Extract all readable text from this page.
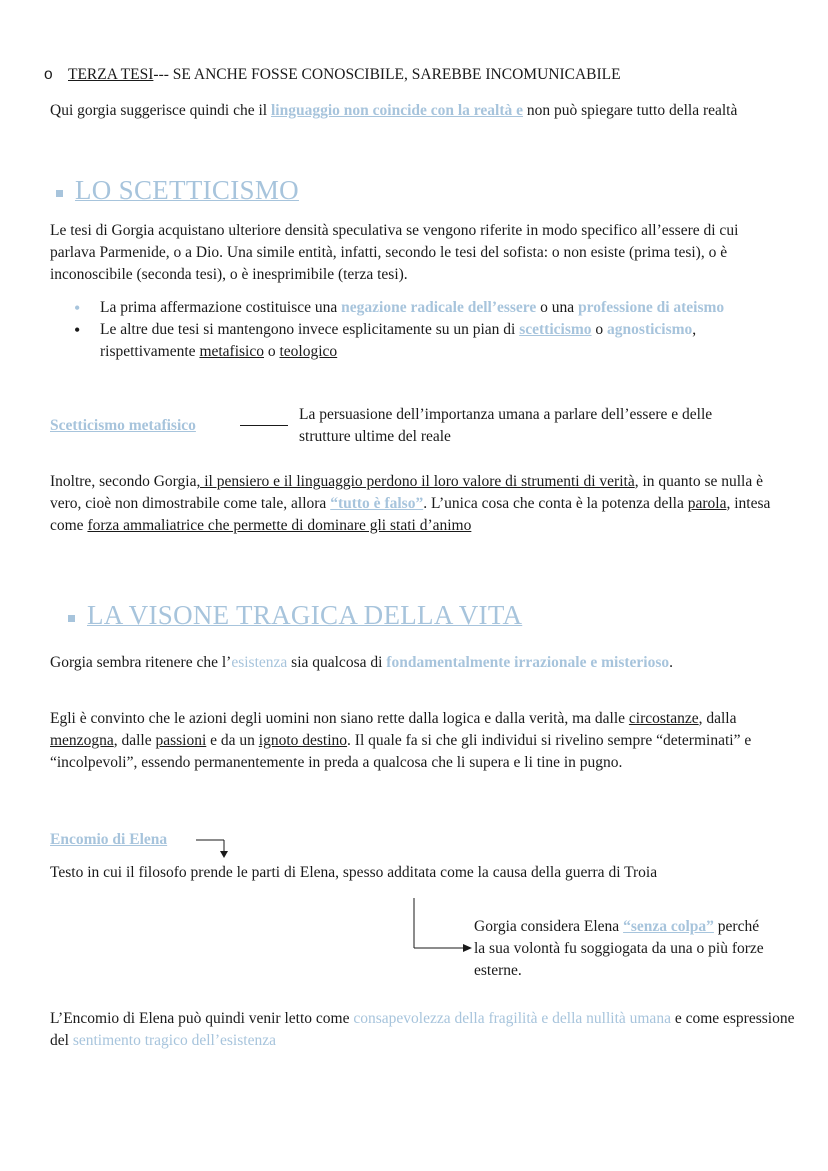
o TERZA TESI--- SE ANCHE FOSSE CONOSCIBILE, SAREBBE INCOMUNICABILE

Qui gorgia suggerisce quindi che il linguaggio non coincide con la realtà e non può spiegare tutto della realtà

LO SCETTICISMO

Le tesi di Gorgia acquistano ulteriore densità speculativa se vengono riferite in modo specifico all’essere di cui parlava Parmenide, o a Dio. Una simile entità, infatti, secondo le tesi del sofista: o non esiste (prima tesi), o è inconoscibile (seconda tesi), o è inesprimibile (terza tesi).

• La prima affermazione costituisce una negazione radicale dell’essere o una professione di ateismo
• Le altre due tesi si mantengono invece esplicitamente su un pian di scetticismo o agnosticismo, rispettivamente metafisico o teologico
Scetticismo metafisico

La persuasione dell’importanza umana a parlare dell’essere e delle strutture ultime del reale

Inoltre, secondo Gorgia, il pensiero e il linguaggio perdono il loro valore di strumenti di verità, in quanto se nulla è vero, cioè non dimostrabile come tale, allora “tutto è falso”. L’unica cosa che conta è la potenza della parola, intesa come forza ammaliatrice che permette di dominare gli stati d’animo

LA VISONE TRAGICA DELLA VITA

Gorgia sembra ritenere che l’esistenza sia qualcosa di fondamentalmente irrazionale e misterioso.

Egli è convinto che le azioni degli uomini non siano rette dalla logica e dalla verità, ma dalle circostanze, dalla menzogna, dalle passioni e da un ignoto destino. Il quale fa si che gli individui si rivelino sempre “determinati” e “incolpevoli”, essendo permanentemente in preda a qualcosa che li supera e li tine in pugno.

Encomio di Elena

Testo in cui il filosofo prende le parti di Elena, spesso additata come la causa della guerra di Troia

Gorgia considera Elena “senza colpa” perché la sua volontà fu soggiogata da una o più forze esterne.

L’Encomio di Elena può quindi venir letto come consapevolezza della fragilità e della nullità umana e come espressione del sentimento tragico dell’esistenza
